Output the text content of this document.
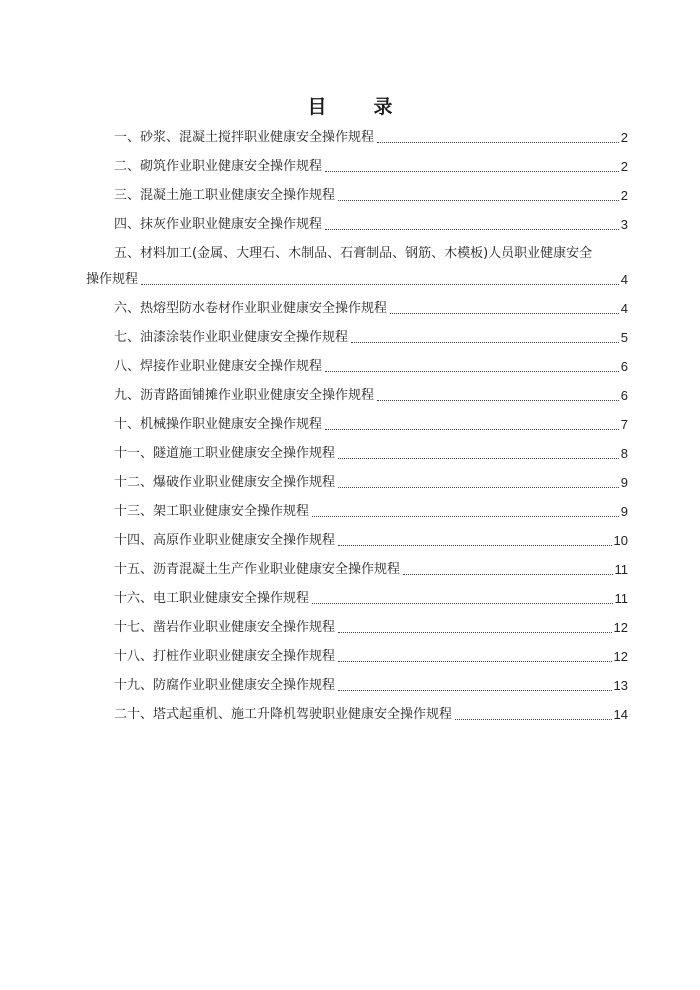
目　录
一、砂浆、混凝土搅拌职业健康安全操作规程	2
二、砌筑作业职业健康安全操作规程	2
三、混凝土施工职业健康安全操作规程	2
四、抹灰作业职业健康安全操作规程	3
五、材料加工(金属、大理石、木制品、石膏制品、钢筋、木模板)人员职业健康安全
操作规程	4
六、热熔型防水卷材作业职业健康安全操作规程	4
七、油漆涂装作业职业健康安全操作规程	5
八、焊接作业职业健康安全操作规程	6
九、沥青路面铺摊作业职业健康安全操作规程	6
十、机械操作职业健康安全操作规程	7
十一、隧道施工职业健康安全操作规程	8
十二、爆破作业职业健康安全操作规程	9
十三、架工职业健康安全操作规程	9
十四、高原作业职业健康安全操作规程	10
十五、沥青混凝土生产作业职业健康安全操作规程	11
十六、电工职业健康安全操作规程	11
十七、凿岩作业职业健康安全操作规程	12
十八、打桩作业职业健康安全操作规程	12
十九、防腐作业职业健康安全操作规程	13
二十、塔式起重机、施工升降机驾驶职业健康安全操作规程	14
